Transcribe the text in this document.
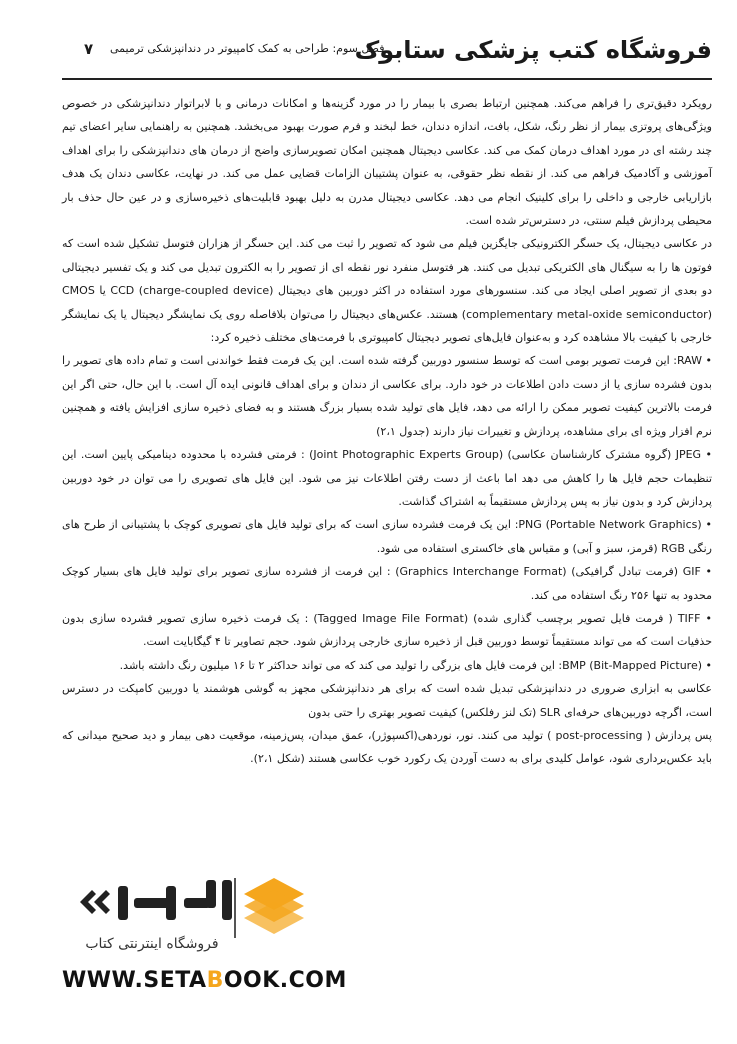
۷ فصل سوم: طراحی به کمک کامپیوتر در دندانپزشکی ترمیمی
فروشگاه کتب پزشکی ستابوک

رویکرد دقیق‌تری را فراهم می‌کند. همچنین ارتباط بصری با بیمار را در مورد گزینه‌ها و امکانات درمانی و با لابراتوار دندانپزشکی در خصوص ویژگی‌های پروتزی بیمار از نظر رنگ، شکل، بافت، اندازه دندان، خط لبخند و فرم صورت بهبود می‌بخشد. همچنین به راهنمایی سایر اعضای تیم چند رشته ای در مورد اهداف درمان کمک می کند. عکاسی دیجیتال همچنین امکان تصویرسازی واضح از درمان های دندانپزشکی را برای اهداف آموزشی و آکادمیک فراهم می کند. از نقطه نظر حقوقی، به عنوان پشتیبان الزامات قضایی عمل می کند. در نهایت، عکاسی دندان یک هدف بازاریابی خارجی و داخلی را برای کلینیک انجام می دهد. عکاسی دیجیتال مدرن به دلیل بهبود قابلیت‌های ذخیره‌سازی و در عین حال حذف بار محیطی پردازش فیلم سنتی، در دسترس‌تر شده است.

در عکاسی دیجیتال، یک حسگر الکترونیکی جایگزین فیلم می شود که تصویر را ثبت می کند. این حسگر از هزاران فتوسل تشکیل شده است که فوتون ها را به سیگنال های الکتریکی تبدیل می کنند. هر فتوسل منفرد نور نقطه ای از تصویر را به الکترون تبدیل می کند و یک تفسیر دیجیتالی دو بعدی از تصویر اصلی ایجاد می کند. سنسورهای مورد استفاده در اکثر دوربین های دیجیتال CCD (charge-coupled device) یا CMOS (complementary metal-oxide semiconductor) هستند. عکس‌های دیجیتال را می‌توان بلافاصله روی یک نمایشگر دیجیتال یا یک نمایشگر خارجی با کیفیت بالا مشاهده کرد و به‌عنوان فایل‌های تصویر دیجیتال کامپیوتری با فرمت‌های مختلف ذخیره کرد:

• RAW: این فرمت تصویر بومی است که توسط سنسور دوربین گرفته شده است. این یک فرمت فقط خواندنی است و تمام داده های تصویر را بدون فشرده سازی یا از دست دادن اطلاعات در خود دارد. برای عکاسی از دندان و برای اهداف قانونی ایده آل است. با این حال، حتی اگر این فرمت بالاترین کیفیت تصویر ممکن را ارائه می دهد، فایل های تولید شده بسیار بزرگ هستند و به فضای ذخیره سازی افزایش یافته و همچنین نرم افزار ویژه ای برای مشاهده، پردازش و تغییرات نیاز دارند (جدول ۲،۱)

• JPEG (گروه مشترک کارشناسان عکاسی) (Joint Photographic Experts Group) : فرمتی فشرده با محدوده دینامیکی پایین است. این تنظیمات حجم فایل ها را کاهش می دهد اما باعث از دست رفتن اطلاعات نیز می شود. این فایل های تصویری را می توان در خود دوربین پردازش کرد و بدون نیاز به پس پردازش مستقیماً به اشتراک گذاشت.

• PNG (Portable Network Graphics): این یک فرمت فشرده سازی است که برای تولید فایل های تصویری کوچک با پشتیبانی از طرح های رنگی RGB (قرمز، سبز و آبی) و مقیاس های خاکستری استفاده می شود.

• GIF (فرمت تبادل گرافیکی) (Graphics Interchange Format) : این فرمت از فشرده سازی تصویر برای تولید فایل های بسیار کوچک محدود به تنها ۲۵۶ رنگ استفاده می کند.

• TIFF ( فرمت فایل تصویر برچسب گذاری شده) (Tagged Image File Format) : یک فرمت ذخیره سازی تصویر فشرده سازی بدون حذفیات است که می تواند مستقیماً توسط دوربین قبل از ذخیره سازی خارجی پردازش شود. حجم تصاویر تا ۴ گیگابایت است.

• BMP (Bit-Mapped Picture): این فرمت فایل های بزرگی را تولید می کند که می تواند حداکثر ۲ تا ۱۶ میلیون رنگ داشته باشد.

عکاسی به ابزاری ضروری در دندانپزشکی تبدیل شده است که برای هر دندانپزشکی مجهز به گوشی هوشمند یا دوربین کامپکت در دسترس است، اگرچه دوربین‌های حرفه‌ای SLR (تک لنز رفلکس) کیفیت تصویر بهتری را حتی بدون

پس پردازش ( post-processing ) تولید می کنند. نور، نوردهی(اکسپوژر)، عمق میدان، پس‌زمینه، موقعیت دهی بیمار و دید صحیح میدانی که باید عکس‌برداری شود، عوامل کلیدی برای به دست آوردن یک رکورد خوب عکاسی هستند (شکل ۲،۱).

فروشگاه اینترنتی کتاب
WWW.SETABOOK.COM
